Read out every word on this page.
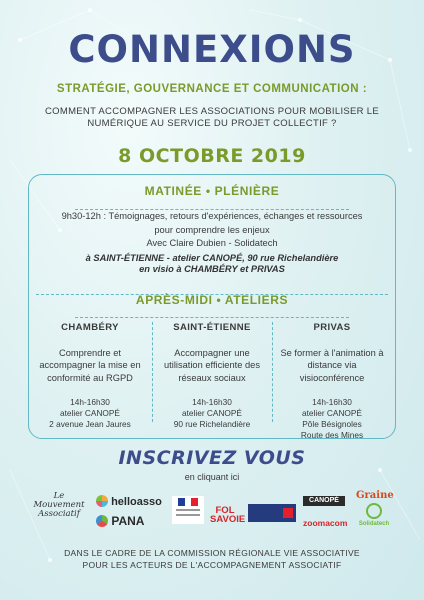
CONNEXIONS
STRATÉGIE, GOUVERNANCE ET COMMUNICATION :
COMMENT ACCOMPAGNER LES ASSOCIATIONS POUR MOBILISER LE
NUMÉRIQUE AU SERVICE DU PROJET COLLECTIF ?
8 OCTOBRE 2019
MATINÉE • PLÉNIÈRE
9h30-12h : Témoignages, retours d'expériences, échanges et ressources pour comprendre les enjeux
Avec Claire Dubien - Solidatech
à SAINT-ÉTIENNE - atelier CANOPÉ, 90 rue Richelandière
en visio à CHAMBÉRY et PRIVAS
APRÈS-MIDI • ATELIERS
CHAMBÉRY
Comprendre et accompagner la mise en conformité au RGPD
14h-16h30
atelier CANOPÉ
2 avenue Jean Jaures
SAINT-ÉTIENNE
Accompagner une utilisation efficiente des réseaux sociaux
14h-16h30
atelier CANOPÉ
90 rue Richelandière
PRIVAS
Se former à l'animation à distance via visioconférence
14h-16h30
atelier CANOPÉ
Pôle Bésignoles Route des Mines
INSCRIVEZ VOUS
en cliquant ici
Le Mouvement Associatif
helloasso
PANA
FOL SAVOIE
CANOPÉ
zoomacom
Graine
Solidatech
DANS LE CADRE DE LA COMMISSION RÉGIONALE VIE ASSOCIATIVE
POUR LES ACTEURS DE L'ACCOMPAGNEMENT ASSOCIATIF
